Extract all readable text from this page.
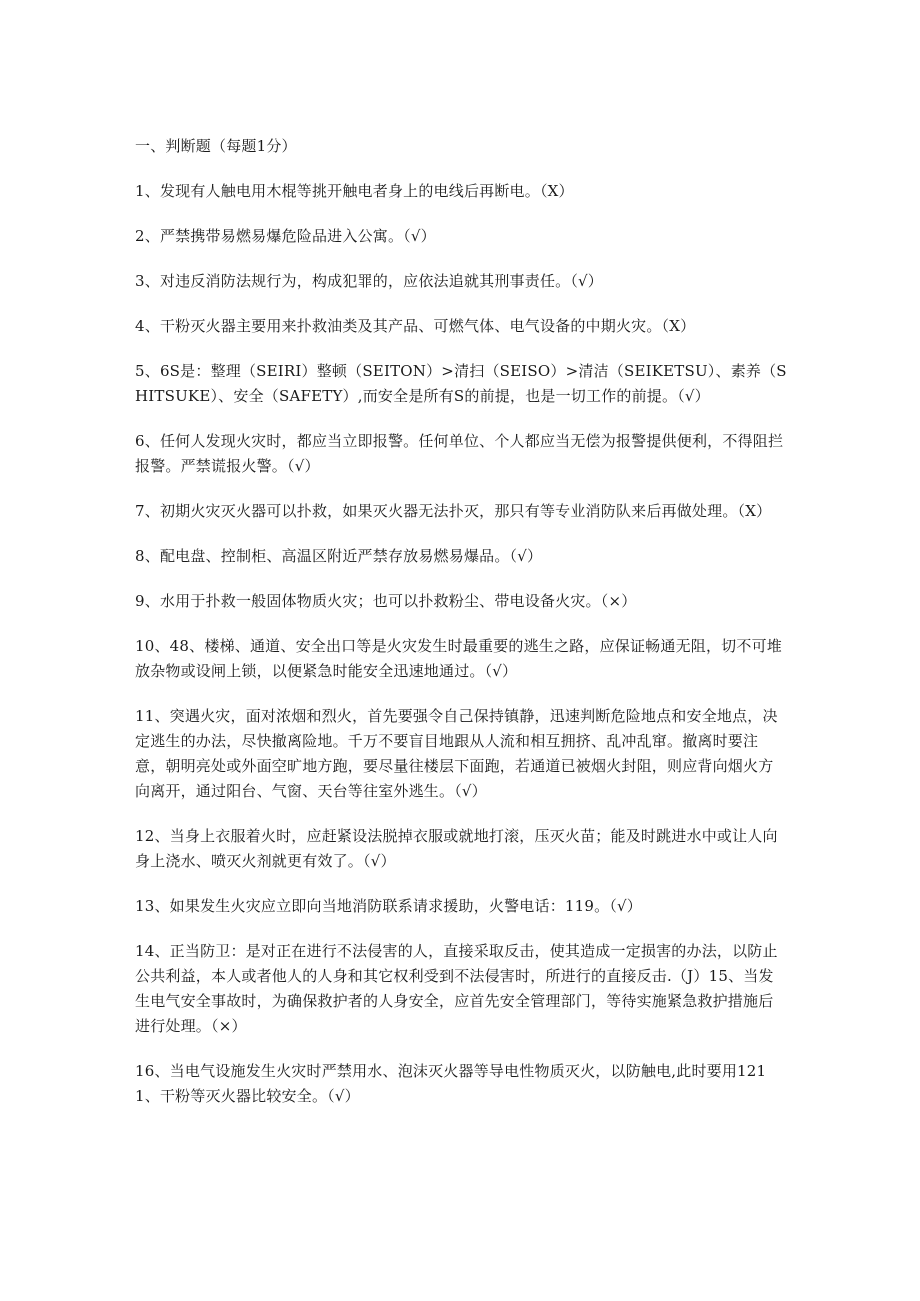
一、判断题（每题1分）

1、发现有人触电用木棍等挑开触电者身上的电线后再断电。（X）

2、严禁携带易燃易爆危险品进入公寓。（√）

3、对违反消防法规行为，构成犯罪的，应依法追就其刑事责任。（√）

4、干粉灭火器主要用来扑救油类及其产品、可燃气体、电气设备的中期火灾。（X）

5、6S是：整理（SEIRI）整顿（SEITON）>清扫（SEISO）>清洁（SEIKETSU）、素养（SHITSUKE）、安全（SAFETY）,而安全是所有S的前提，也是一切工作的前提。（√）

6、任何人发现火灾时，都应当立即报警。任何单位、个人都应当无偿为报警提供便利，不得阻拦报警。严禁谎报火警。（√）

7、初期火灾灭火器可以扑救，如果灭火器无法扑灭，那只有等专业消防队来后再做处理。（X）

8、配电盘、控制柜、高温区附近严禁存放易燃易爆品。（√）

9、水用于扑救一般固体物质火灾；也可以扑救粉尘、带电设备火灾。（×）

10、48、楼梯、通道、安全出口等是火灾发生时最重要的逃生之路，应保证畅通无阻，切不可堆放杂物或设闸上锁，以便紧急时能安全迅速地通过。（√）

11、突遇火灾，面对浓烟和烈火，首先要强令自己保持镇静，迅速判断危险地点和安全地点，决定逃生的办法，尽快撤离险地。千万不要盲目地跟从人流和相互拥挤、乱冲乱窜。撤离时要注意，朝明亮处或外面空旷地方跑，要尽量往楼层下面跑，若通道已被烟火封阻，则应背向烟火方向离开，通过阳台、气窗、天台等往室外逃生。（√）

12、当身上衣服着火时，应赶紧设法脱掉衣服或就地打滚，压灭火苗；能及时跳进水中或让人向身上浇水、喷灭火剂就更有效了。（√）

13、如果发生火灾应立即向当地消防联系请求援助，火警电话：119。（√）

14、正当防卫：是对正在进行不法侵害的人，直接采取反击，使其造成一定损害的办法，以防止公共利益，本人或者他人的人身和其它权利受到不法侵害时，所进行的直接反击.（J）15、当发生电气安全事故时，为确保救护者的人身安全，应首先安全管理部门，等待实施紧急救护措施后进行处理。（×）

16、当电气设施发生火灾时严禁用水、泡沫灭火器等导电性物质灭火，以防触电,此时要用1211、干粉等灭火器比较安全。（√）
